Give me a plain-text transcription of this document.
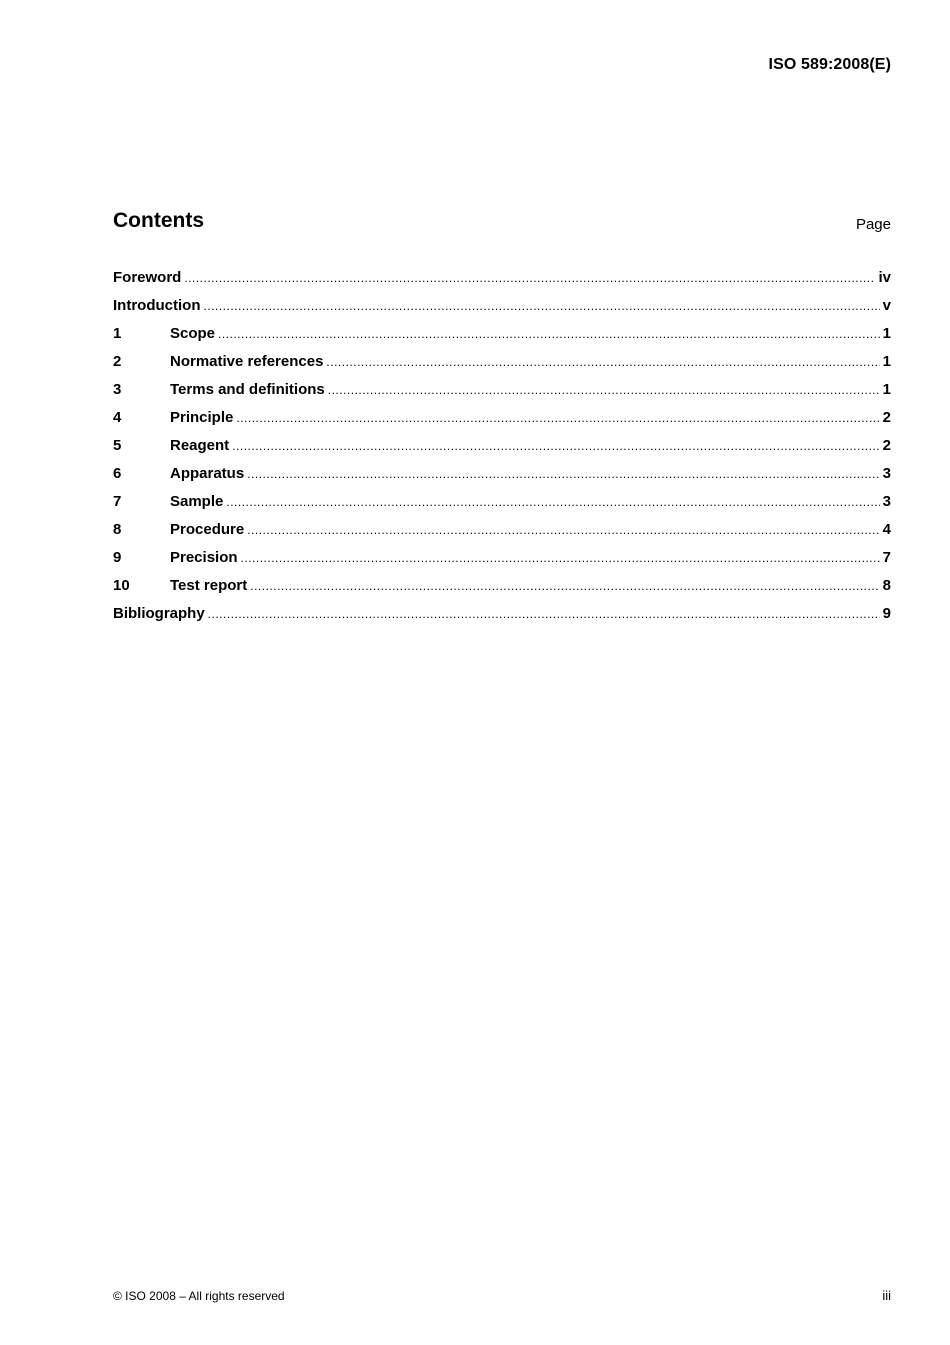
ISO 589:2008(E)
Contents	Page
Foreword .....	iv
Introduction .....	v
1	Scope .....	1
2	Normative references .....	1
3	Terms and definitions .....	1
4	Principle .....	2
5	Reagent .....	2
6	Apparatus .....	3
7	Sample .....	3
8	Procedure .....	4
9	Precision .....	7
10	Test report .....	8
Bibliography .....	9
© ISO 2008 – All rights reserved	iii
